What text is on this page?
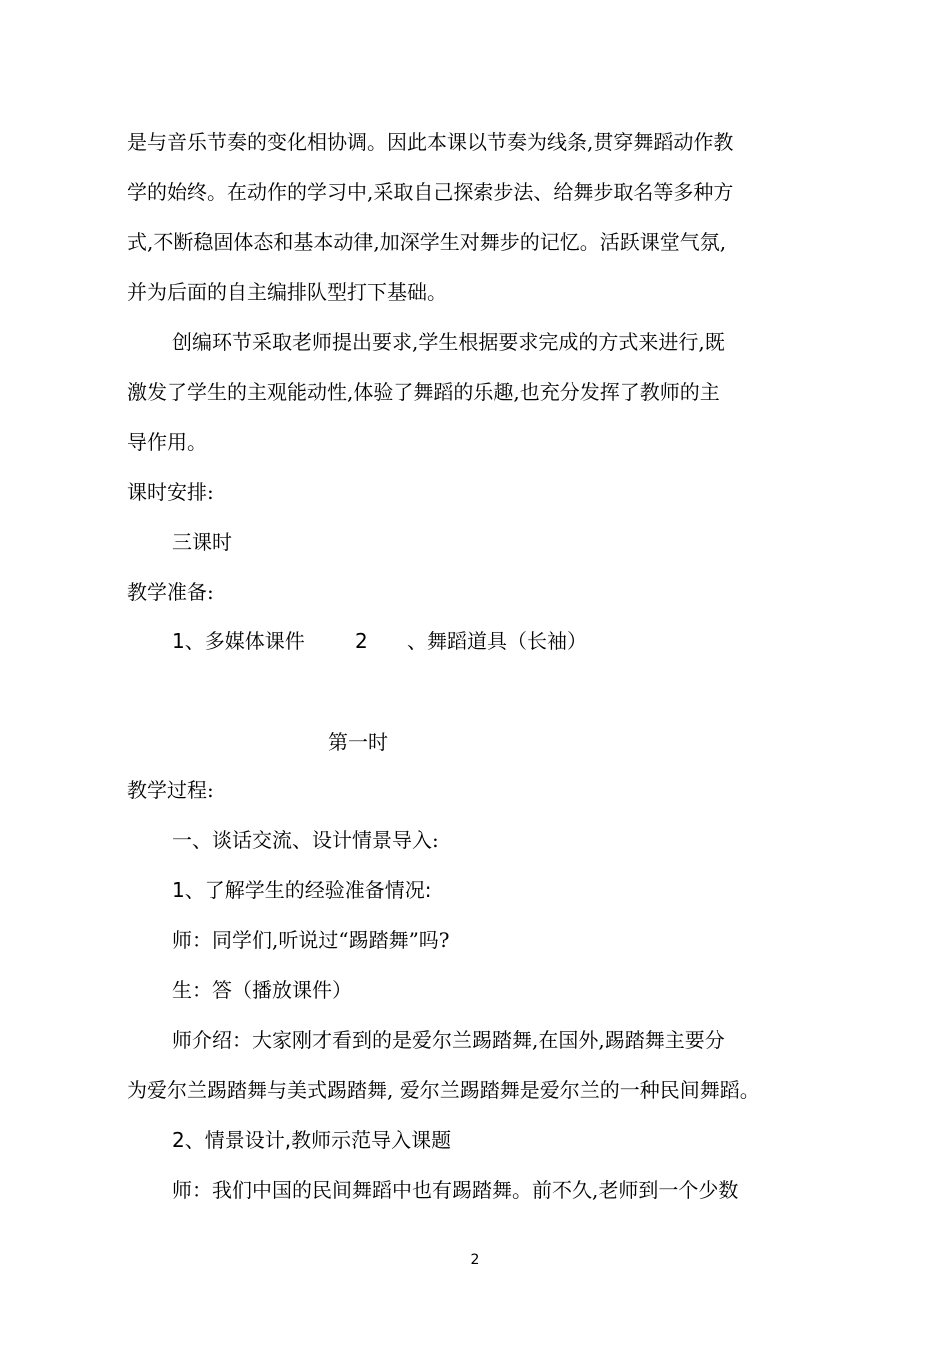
是与音乐节奏的变化相协调。因此本课以节奏为线条,贯穿舞蹈动作教
学的始终。在动作的学习中,采取自己探索步法、给舞步取名等多种方
式,不断稳固体态和基本动律,加深学生对舞步的记忆。活跃课堂气氛,
并为后面的自主编排队型打下基础。
创编环节采取老师提出要求,学生根据要求完成的方式来进行,既
激发了学生的主观能动性,体验了舞蹈的乐趣,也充分发挥了教师的主
导作用。
课时安排:
三课时
教学准备:
1、多媒体课件	2 、舞蹈道具（长袖）
第一时
教学过程:
一、谈话交流、设计情景导入:
1、了解学生的经验准备情况:
师：同学们,听说过“踢踏舞”吗?
生：答（播放课件）
师介绍：大家刚才看到的是爱尔兰踢踏舞,在国外,踢踏舞主要分
为爱尔兰踢踏舞与美式踢踏舞, 爱尔兰踢踏舞是爱尔兰的一种民间舞蹈。
2、情景设计,教师示范导入课题
师：我们中国的民间舞蹈中也有踢踏舞。前不久,老师到一个少数
2
